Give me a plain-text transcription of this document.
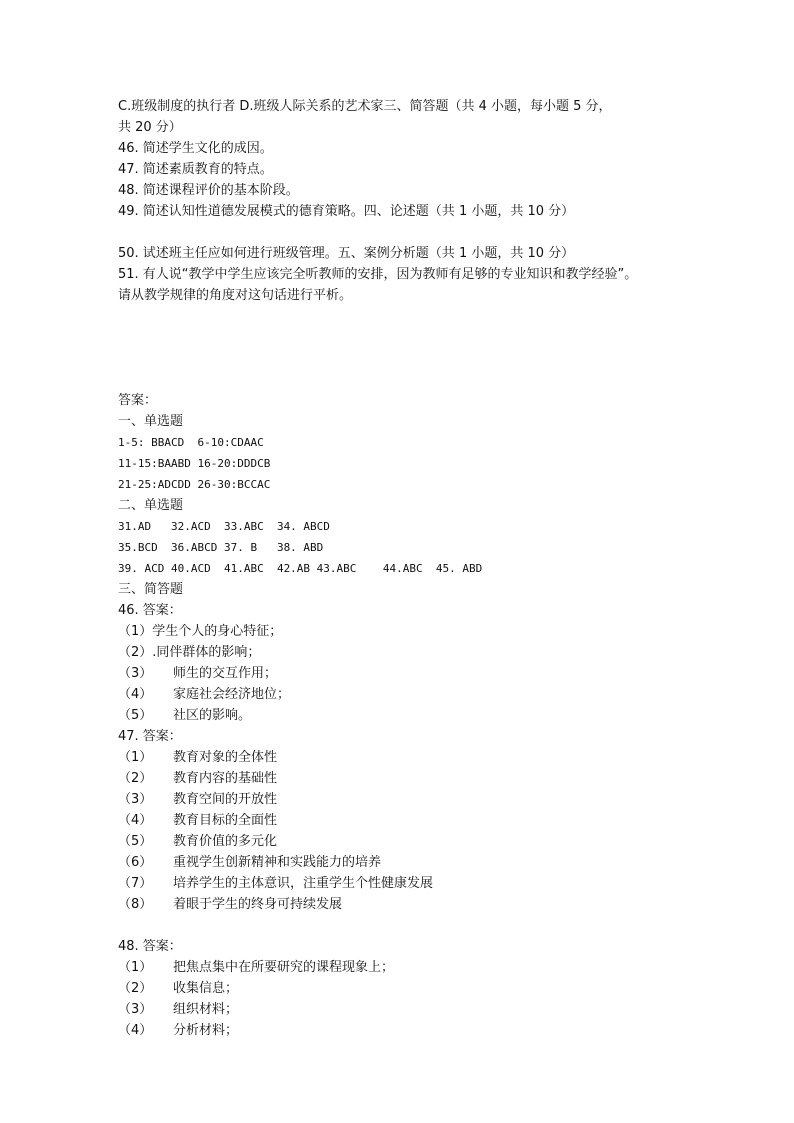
C.班级制度的执行者 D.班级人际关系的艺术家三、简答题（共 4 小题，每小题 5 分，
共 20 分）
46. 简述学生文化的成因。
47. 简述素质教育的特点。
48. 简述课程评价的基本阶段。
49. 简述认知性道德发展模式的德育策略。四、论述题（共 1 小题，共 10 分）
50. 试述班主任应如何进行班级管理。五、案例分析题（共 1 小题，共 10 分）
51. 有人说“教学中学生应该完全听教师的安排，因为教师有足够的专业知识和教学经验”。
请从教学规律的角度对这句话进行平析。
答案：
一、单选题
1-5: BBACD  6-10:CDAAC
11-15:BAABD 16-20:DDDCB
21-25:ADCDD 26-30:BCCAC
二、单选题
31.AD   32.ACD  33.ABC  34. ABCD
35.BCD  36.ABCD 37. B   38. ABD
39. ACD 40.ACD  41.ABC  42.AB 43.ABC    44.ABC  45. ABD
三、简答题
46. 答案：
（1）学生个人的身心特征；
（2）.同伴群体的影响；
（3）	师生的交互作用；
（4）	家庭社会经济地位；
（5）	社区的影响。
47. 答案：
（1）	教育对象的全体性
（2）	教育内容的基础性
（3）	教育空间的开放性
（4）	教育目标的全面性
（5）	教育价值的多元化
（6）	重视学生创新精神和实践能力的培养
（7）	培养学生的主体意识，注重学生个性健康发展
（8）	着眼于学生的终身可持续发展
48. 答案：
（1）	把焦点集中在所要研究的课程现象上；
（2）	收集信息；
（3）	组织材料；
（4）	分析材料；
